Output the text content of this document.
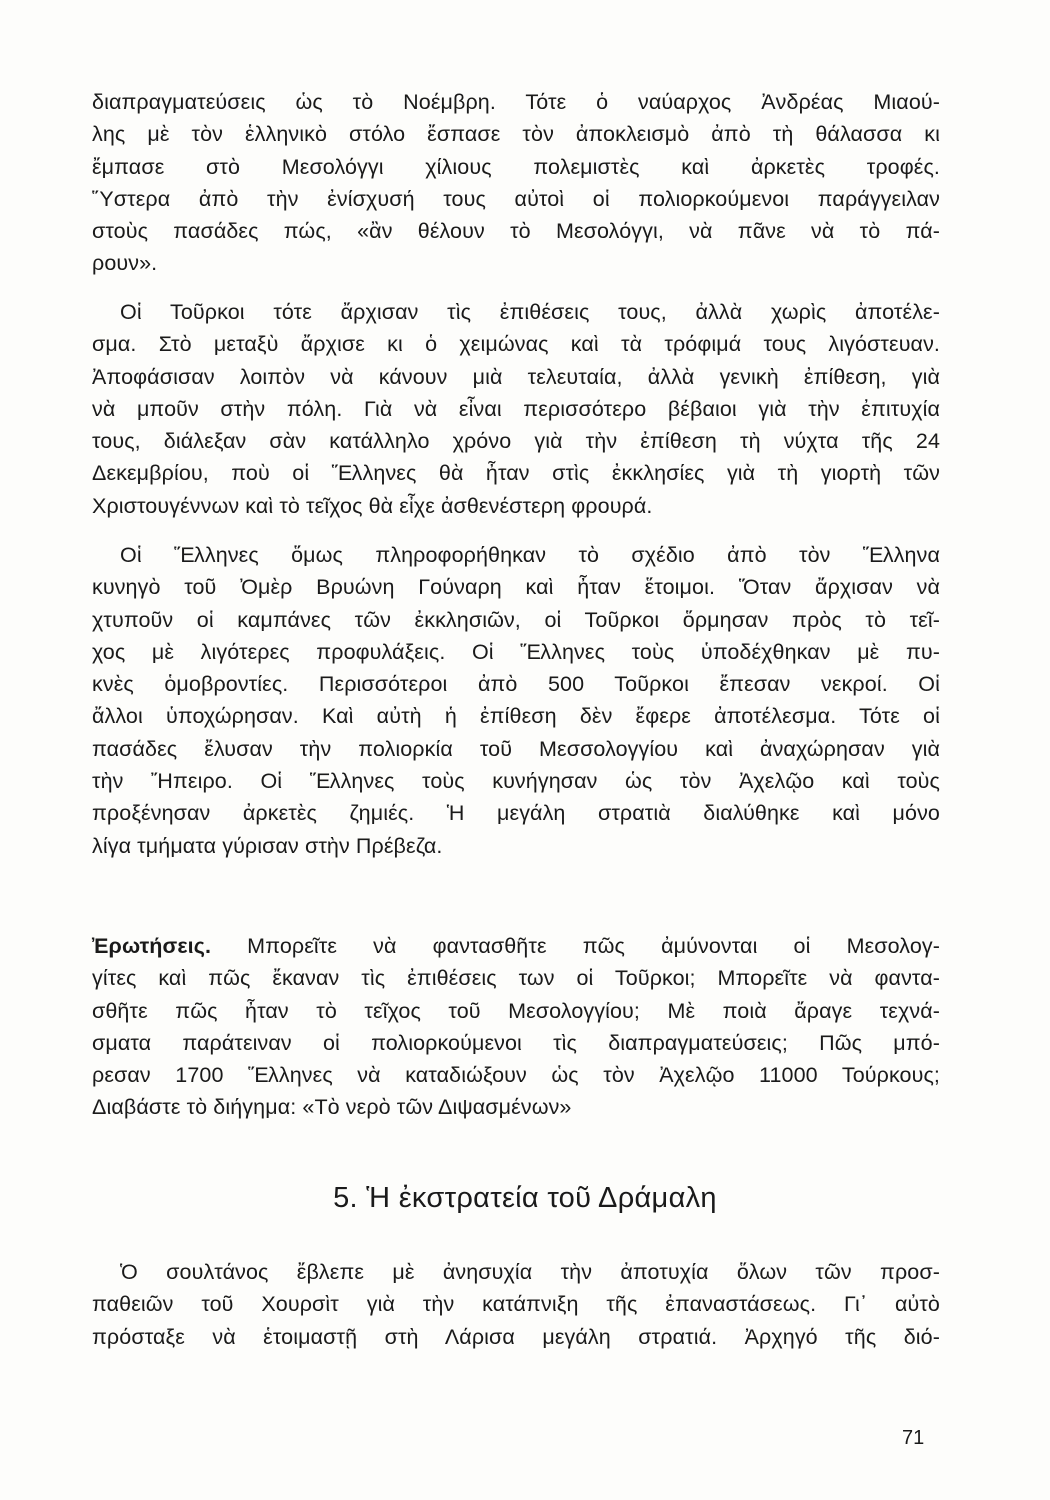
διαπραγματεύσεις ὡς τὸ Νοέμβρη. Τότε ὁ ναύαρχος Ἀνδρέας Μιαού-
λης μὲ τὸν ἑλληνικὸ στόλο ἔσπασε τὸν ἀποκλεισμὸ ἀπὸ τὴ θάλασσα κι
ἔμπασε στὸ Μεσολόγγι χίλιους πολεμιστὲς καὶ ἀρκετὲς τροφές.
Ὕστερα ἀπὸ τὴν ἐνίσχυσή τους αὐτοὶ οἱ πολιορκούμενοι παράγγειλαν
στοὺς πασάδες πώς, «ἂν θέλουν τὸ Μεσολόγγι, νὰ πᾶνε νὰ τὸ πά-
ρουν».
Οἱ Τοῦρκοι τότε ἄρχισαν τὶς ἐπιθέσεις τους, ἀλλὰ χωρὶς ἀποτέλε-
σμα. Στὸ μεταξὺ ἄρχισε κι ὁ χειμώνας καὶ τὰ τρόφιμά τους λιγόστευαν.
Ἀποφάσισαν λοιπὸν νὰ κάνουν μιὰ τελευταία, ἀλλὰ γενικὴ ἐπίθεση, γιὰ
νὰ μποῦν στὴν πόλη. Γιὰ νὰ εἶναι περισσότερο βέβαιοι γιὰ τὴν ἐπιτυχία
τους, διάλεξαν σὰν κατάλληλο χρόνο γιὰ τὴν ἐπίθεση τὴ νύχτα τῆς 24
Δεκεμβρίου, ποὺ οἱ Ἕλληνες θὰ ἦταν στὶς ἐκκλησίες γιὰ τὴ γιορτὴ τῶν
Χριστουγέννων καὶ τὸ τεῖχος θὰ εἶχε ἀσθενέστερη φρουρά.
Οἱ Ἕλληνες ὅμως πληροφορήθηκαν τὸ σχέδιο ἀπὸ τὸν Ἕλληνα
κυνηγὸ τοῦ Ὀμὲρ Βρυώνη Γούναρη καὶ ἦταν ἕτοιμοι. Ὅταν ἄρχισαν νὰ
χτυποῦν οἱ καμπάνες τῶν ἐκκλησιῶν, οἱ Τοῦρκοι ὅρμησαν πρὸς τὸ τεῖ-
χος μὲ λιγότερες προφυλάξεις. Οἱ Ἕλληνες τοὺς ὑποδέχθηκαν μὲ πυ-
κνὲς ὁμοβροντίες. Περισσότεροι ἀπὸ 500 Τοῦρκοι ἔπεσαν νεκροί. Οἱ
ἄλλοι ὑποχώρησαν. Καὶ αὐτὴ ἡ ἐπίθεση δὲν ἔφερε ἀποτέλεσμα. Τότε οἱ
πασάδες ἔλυσαν τὴν πολιορκία τοῦ Μεσσολογγίου καὶ ἀναχώρησαν γιὰ
τὴν Ἤπειρο. Οἱ Ἕλληνες τοὺς κυνήγησαν ὡς τὸν Ἀχελῷο καὶ τοὺς
προξένησαν ἀρκετὲς ζημιές. Ἡ μεγάλη στρατιὰ διαλύθηκε καὶ μόνο
λίγα τμήματα γύρισαν στὴν Πρέβεζα.
Ἐρωτήσεις. Μπορεῖτε νὰ φαντασθῆτε πῶς ἀμύνονται οἱ Μεσολογ-
γίτες καὶ πῶς ἔκαναν τὶς ἐπιθέσεις των οἱ Τοῦρκοι; Μπορεῖτε νὰ φαντα-
σθῆτε πῶς ἦταν τὸ τεῖχος τοῦ Μεσολογγίου; Μὲ ποιὰ ἄραγε τεχνά-
σματα παράτειναν οἱ πολιορκούμενοι τὶς διαπραγματεύσεις; Πῶς μπό-
ρεσαν 1700 Ἕλληνες νὰ καταδιώξουν ὡς τὸν Ἀχελῷο 11000 Τούρκους;
Διαβάστε τὸ διήγημα: «Τὸ νερὸ τῶν Διψασμένων»
5. Ἡ ἐκστρατεία τοῦ Δράμαλη
Ὁ σουλτάνος ἔβλεπε μὲ ἀνησυχία τὴν ἀποτυχία ὅλων τῶν προσ-
παθειῶν τοῦ Χουρσὶτ γιὰ τὴν κατάπνιξη τῆς ἐπαναστάσεως. Γι᾿ αὐτὸ
πρόσταξε νὰ ἑτοιμαστῇ στὴ Λάρισα μεγάλη στρατιά. Ἀρχηγό τῆς διό-
71
